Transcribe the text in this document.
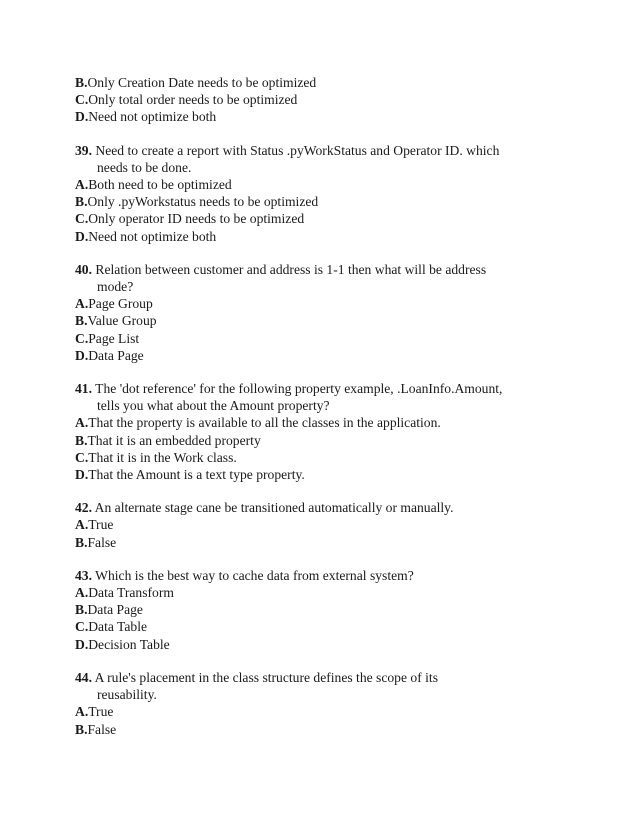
B.Only Creation Date needs to be optimized
C.Only total order needs to be optimized
D.Need not optimize both
39. Need to create a report with Status .pyWorkStatus and Operator ID. which
needs to be done.
A.Both need to be optimized
B.Only .pyWorkstatus needs to be optimized
C.Only operator ID needs to be optimized
D.Need not optimize both
40. Relation between customer and address is 1-1 then what will be address
mode?
A.Page Group
B.Value Group
C.Page List
D.Data Page
41. The 'dot reference' for the following property example, .LoanInfo.Amount,
tells you what about the Amount property?
A.That the property is available to all the classes in the application.
B.That it is an embedded property
C.That it is in the Work class.
D.That the Amount is a text type property.
42. An alternate stage cane be transitioned automatically or manually.
A.True
B.False
43. Which is the best way to cache data from external system?
A.Data Transform
B.Data Page
C.Data Table
D.Decision Table
44. A rule's placement in the class structure defines the scope of its
reusability.
A.True
B.False
